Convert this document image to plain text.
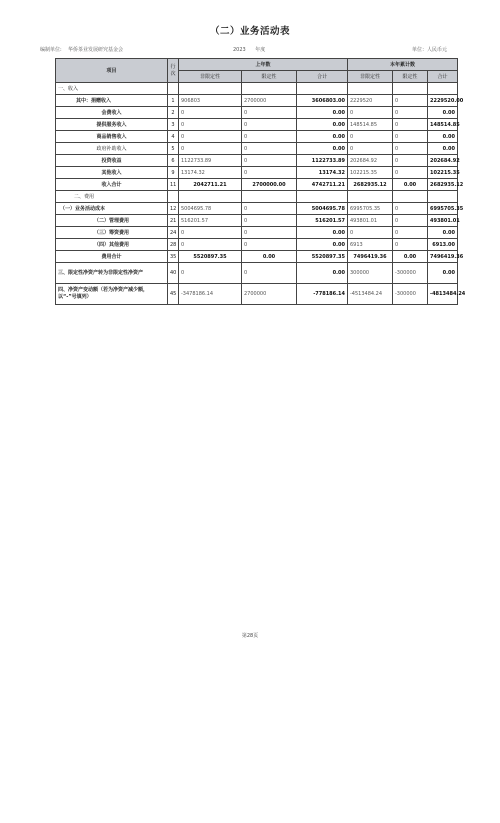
（二）业务活动表
编制单位: 华侨茶业发展研究基金会	2023 年度	单位：人民币元
项目	行次	上年数			本年累计数		
		非限定性	限定性	合计	非限定性	限定性	合计
一、收入							
其中：捐赠收入	1	906803	2700000	3606803.00	2229520	0	2229520.00
会费收入	2	0	0	0.00	0	0	0.00
提供服务收入	3	0	0	0.00	148514.85	0	148514.85
商品销售收入	4	0	0	0.00	0	0	0.00
政府补助收入	5	0	0	0.00	0	0	0.00
投资收益	6	1122733.89	0	1122733.89	202684.92	0	202684.92
其他收入	9	13174.32	0	13174.32	102215.35	0	102215.35
收入合计	11	2042711.21	2700000.00	4742711.21	2682935.12	0.00	2682935.12
二、费用							
（一）业务活动成本	12	5004695.78	0	5004695.78	6995705.35	0	6995705.35
（二）管理费用	21	516201.57	0	516201.57	493801.01	0	493801.01
（三）筹资费用	24	0	0	0.00	0	0	0.00
（四）其他费用	28	0	0	0.00	6913	0	6913.00
费用合计	35	5520897.35	0.00	5520897.35	7496419.36	0.00	7496419.36
三、限定性净资产转为非限定性净资产	40	0	0	0.00	300000	-300000	0.00
四、净资产变动额（若为净资产减少额，以“-”号填列）	45	-3478186.14	2700000	-778186.14	-4513484.24	-300000	-4813484.24
第28页
